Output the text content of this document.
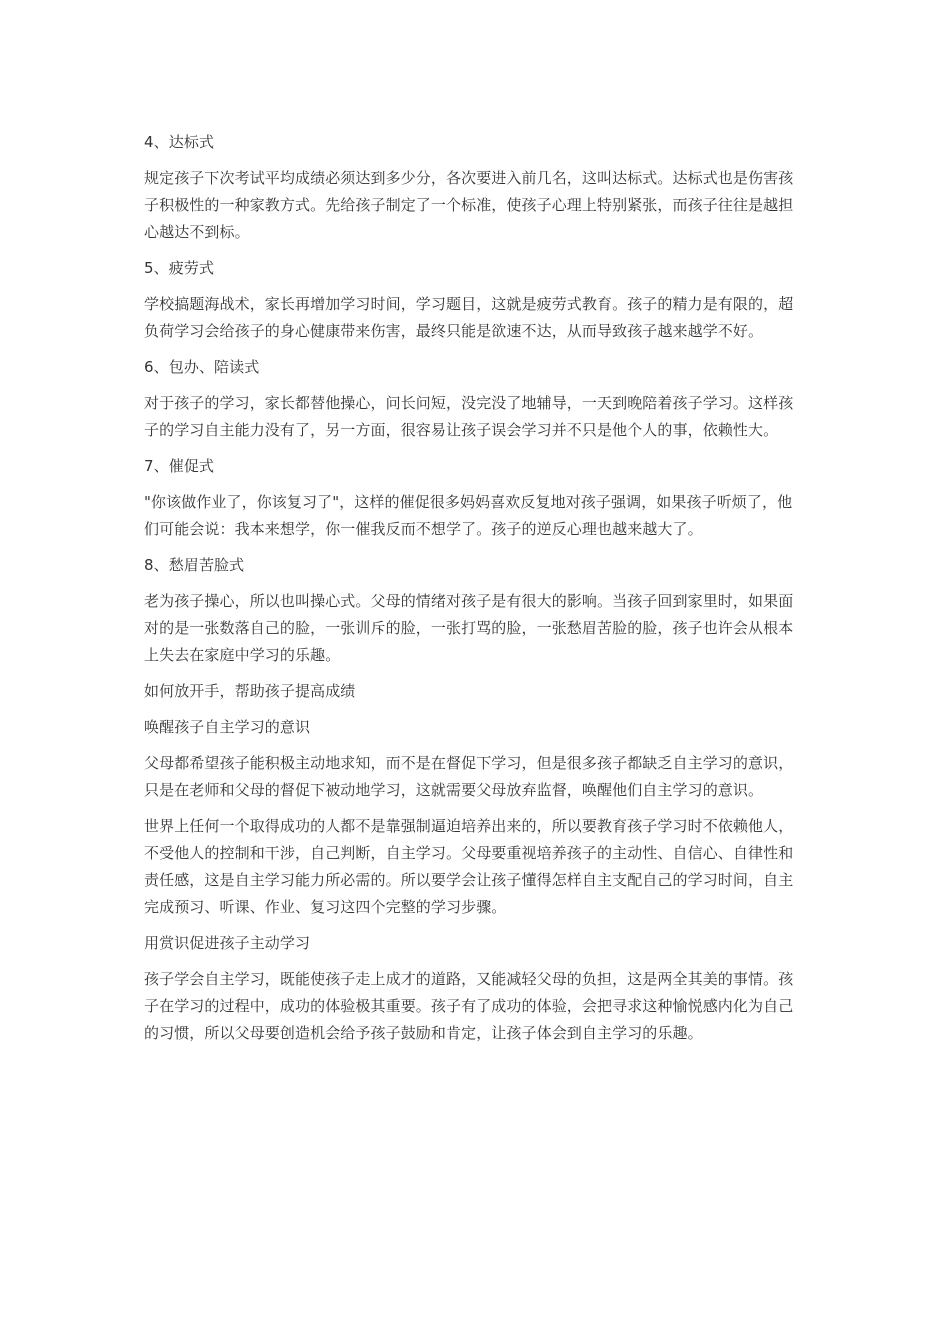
4、达标式

规定孩子下次考试平均成绩必须达到多少分，各次要进入前几名，这叫达标式。达标式也是伤害孩子积极性的一种家教方式。先给孩子制定了一个标准，使孩子心理上特别紧张，而孩子往往是越担心越达不到标。

5、疲劳式

学校搞题海战术，家长再增加学习时间，学习题目，这就是疲劳式教育。孩子的精力是有限的，超负荷学习会给孩子的身心健康带来伤害，最终只能是欲速不达，从而导致孩子越来越学不好。

6、包办、陪读式

对于孩子的学习，家长都替他操心，问长问短，没完没了地辅导，一天到晚陪着孩子学习。这样孩子的学习自主能力没有了，另一方面，很容易让孩子误会学习并不只是他个人的事，依赖性大。

7、催促式

"你该做作业了，你该复习了"，这样的催促很多妈妈喜欢反复地对孩子强调，如果孩子听烦了，他们可能会说：我本来想学，你一催我反而不想学了。孩子的逆反心理也越来越大了。

8、愁眉苦脸式

老为孩子操心，所以也叫操心式。父母的情绪对孩子是有很大的影响。当孩子回到家里时，如果面对的是一张数落自己的脸，一张训斥的脸，一张打骂的脸，一张愁眉苦脸的脸，孩子也许会从根本上失去在家庭中学习的乐趣。

如何放开手，帮助孩子提高成绩

唤醒孩子自主学习的意识

父母都希望孩子能积极主动地求知，而不是在督促下学习，但是很多孩子都缺乏自主学习的意识，只是在老师和父母的督促下被动地学习，这就需要父母放弃监督，唤醒他们自主学习的意识。

世界上任何一个取得成功的人都不是靠强制逼迫培养出来的，所以要教育孩子学习时不依赖他人，不受他人的控制和干涉，自己判断，自主学习。父母要重视培养孩子的主动性、自信心、自律性和责任感，这是自主学习能力所必需的。所以要学会让孩子懂得怎样自主支配自己的学习时间，自主完成预习、听课、作业、复习这四个完整的学习步骤。

用赏识促进孩子主动学习

孩子学会自主学习，既能使孩子走上成才的道路，又能减轻父母的负担，这是两全其美的事情。孩子在学习的过程中，成功的体验极其重要。孩子有了成功的体验，会把寻求这种愉悦感内化为自己的习惯，所以父母要创造机会给予孩子鼓励和肯定，让孩子体会到自主学习的乐趣。
